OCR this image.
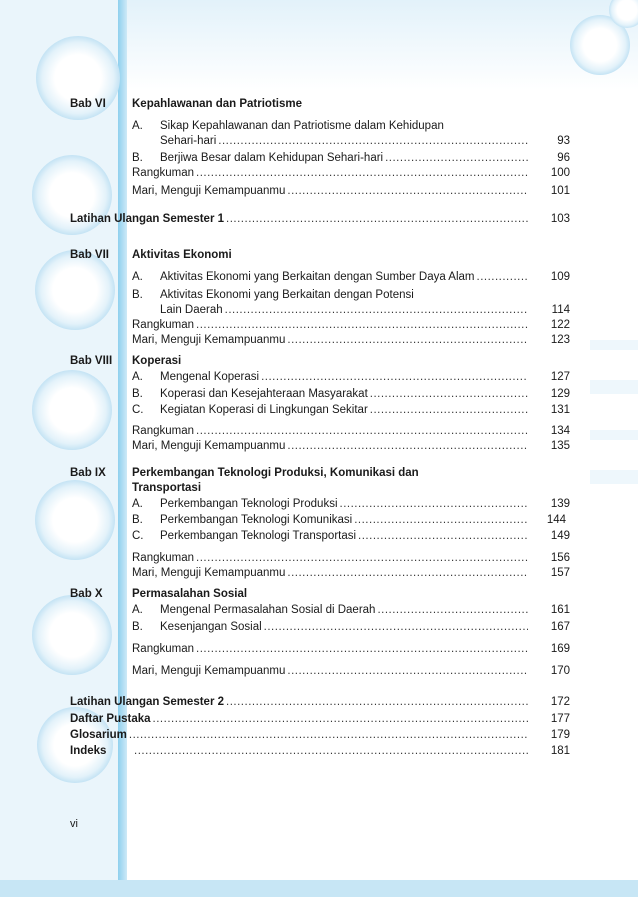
Bab VI Kepahlawanan dan Patriotisme
A. Sikap Kepahlawanan dan Patriotisme dalam Kehidupan
Sehari-hari .....	93
B. Berjiwa Besar dalam Kehidupan Sehari-hari .....	96
Rangkuman .....	100
Mari, Menguji Kemampuanmu .....	101
Latihan Ulangan Semester 1 .....	103
Bab VII Aktivitas Ekonomi
A. Aktivitas Ekonomi yang Berkaitan dengan Sumber Daya Alam .....	109
B. Aktivitas Ekonomi yang Berkaitan dengan Potensi
Lain Daerah .....	114
Rangkuman .....	122
Mari, Menguji Kemampuanmu .....	123
Bab VIII Koperasi
A. Mengenal Koperasi .....	127
B. Koperasi dan Kesejahteraan Masyarakat .....	129
C. Kegiatan Koperasi di Lingkungan Sekitar .....	131
Rangkuman .....	134
Mari, Menguji Kemampuanmu .....	135
Bab IX Perkembangan Teknologi Produksi, Komunikasi dan
Transportasi
A. Perkembangan Teknologi Produksi .....	139
B. Perkembangan Teknologi Komunikasi .....	144
C. Perkembangan Teknologi Transportasi .....	149
Rangkuman .....	156
Mari, Menguji Kemampuanmu .....	157
Bab X	Permasalahan Sosial
A. Mengenal Permasalahan Sosial di Daerah .....	161
B. Kesenjangan Sosial .....	167
Rangkuman .....	169
Mari, Menguji Kemampuanmu .....	170
Latihan Ulangan Semester 2 .....	172
Daftar Pustaka .....	177
Glosarium .....	179
Indeks .....	181
vi
